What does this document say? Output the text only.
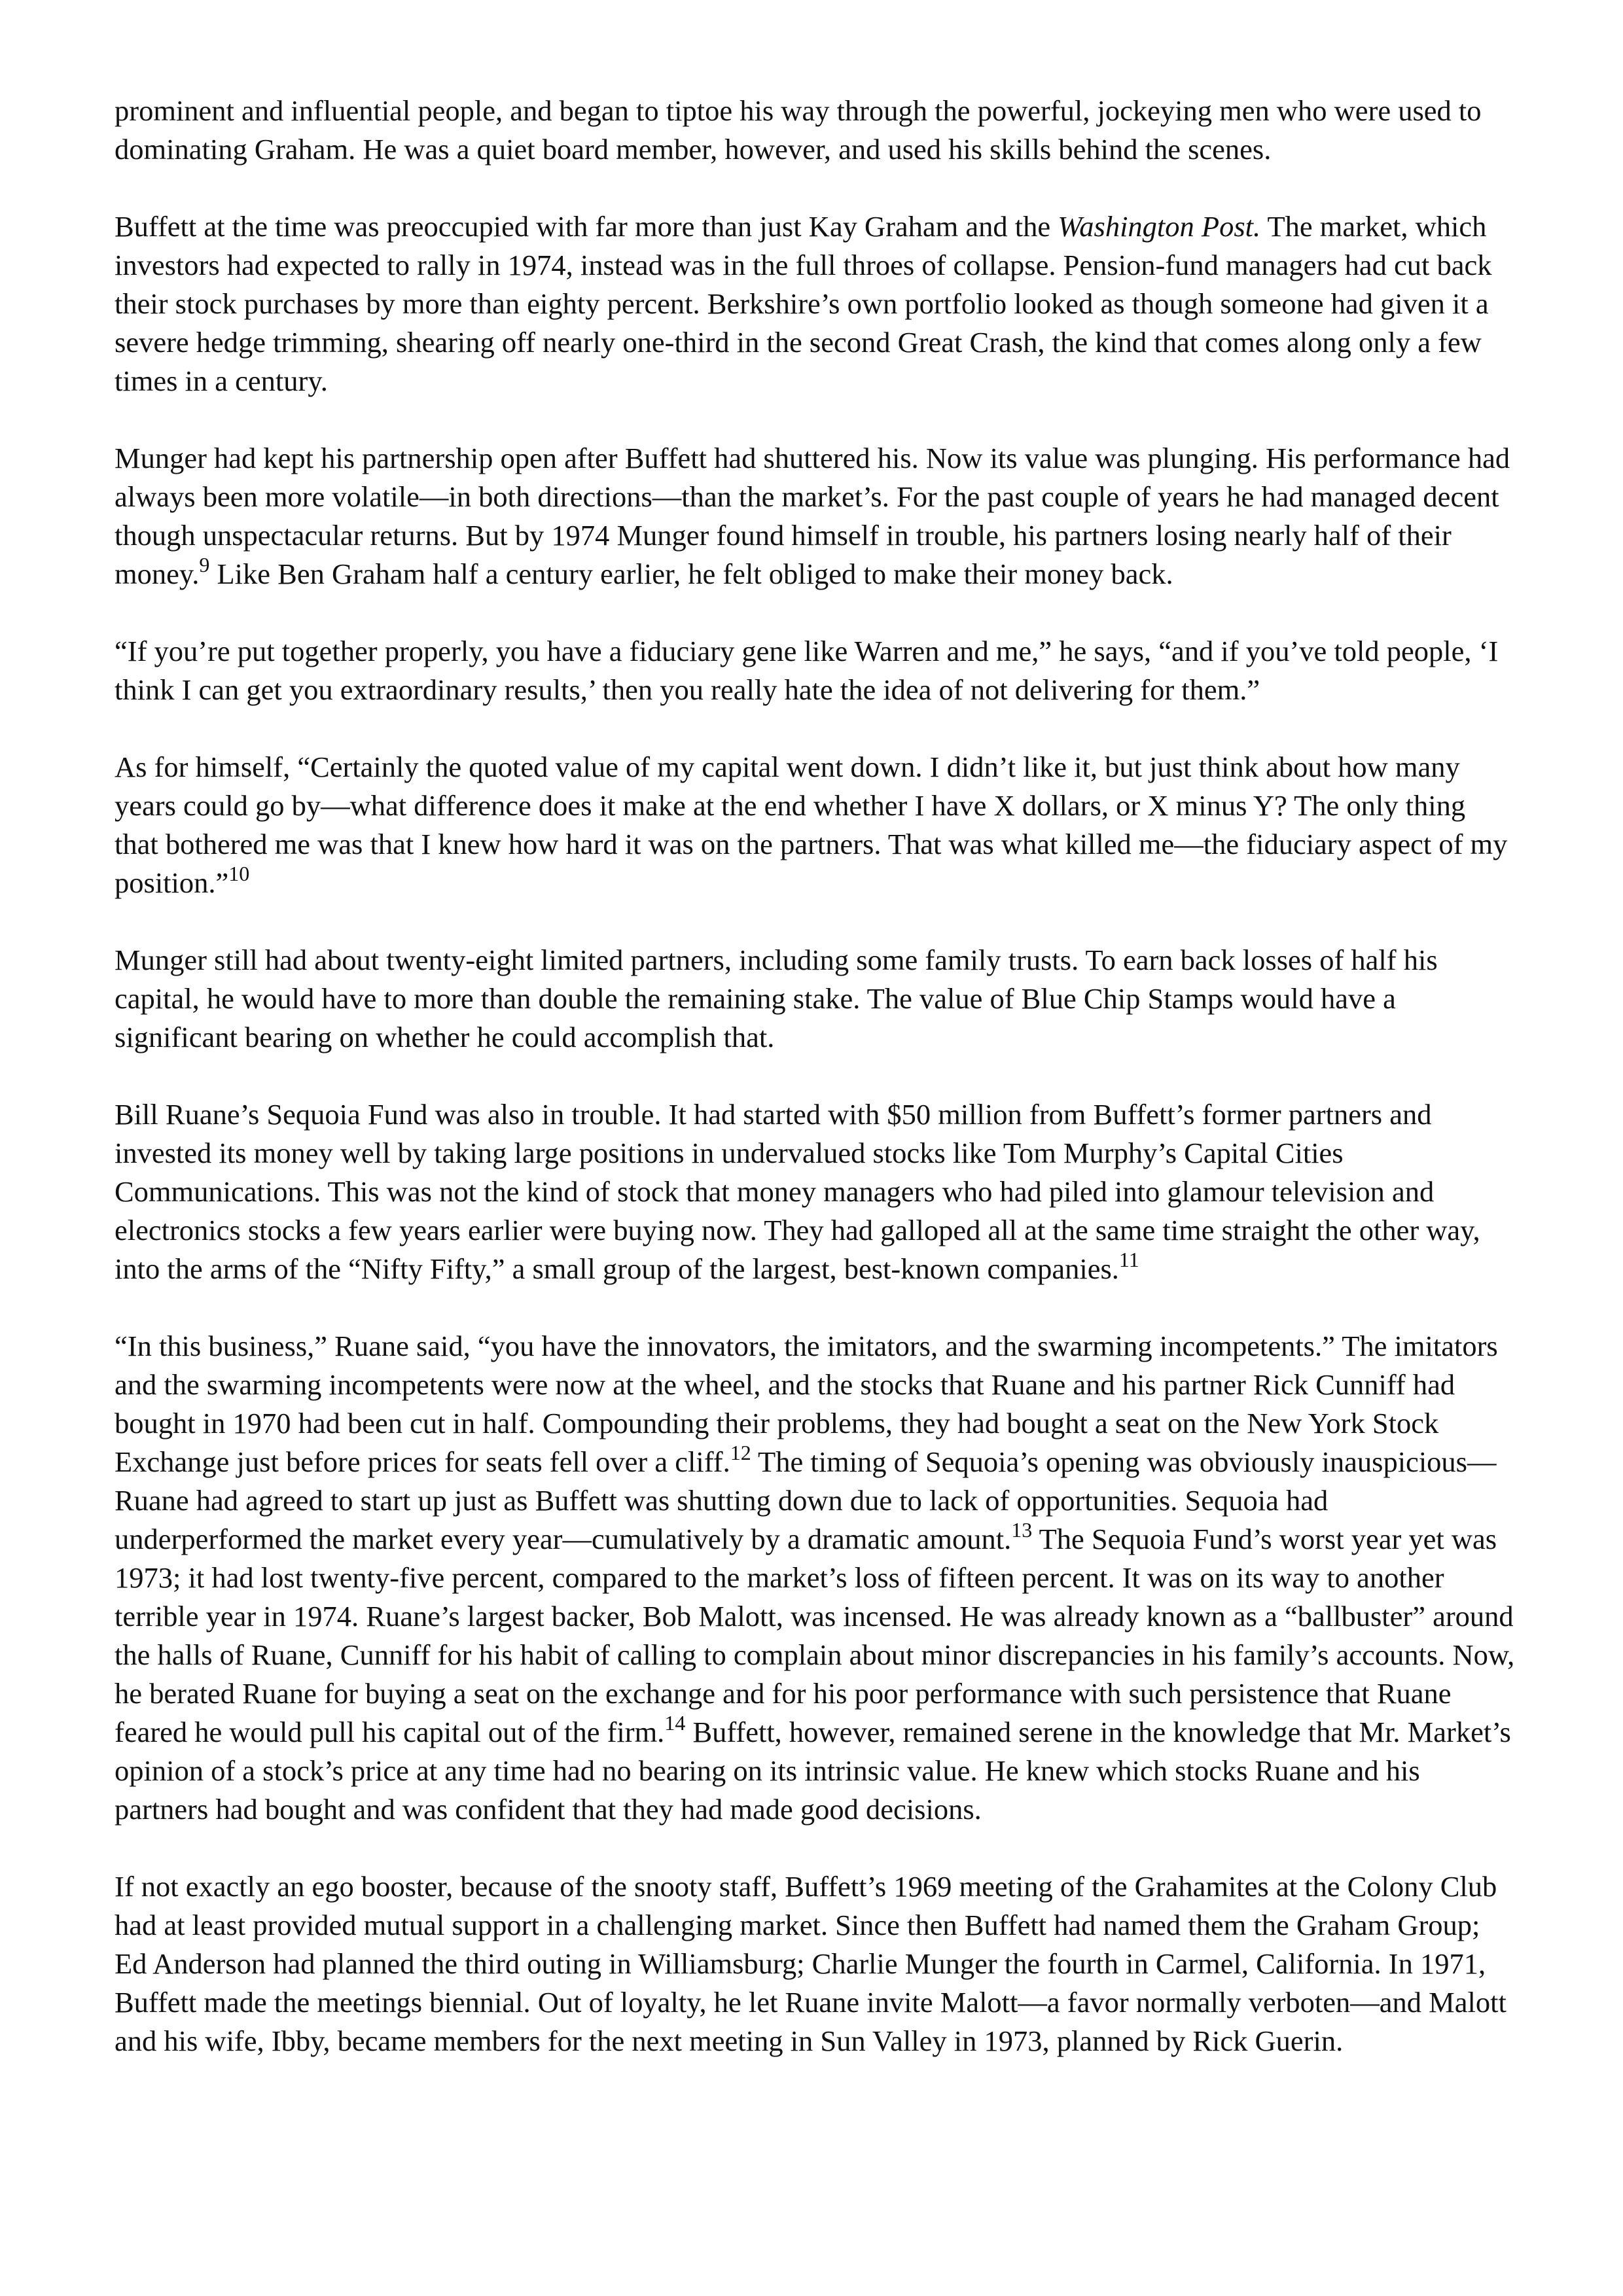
prominent and influential people, and began to tiptoe his way through the powerful, jockeying men who were used to dominating Graham. He was a quiet board member, however, and used his skills behind the scenes.

Buffett at the time was preoccupied with far more than just Kay Graham and the Washington Post. The market, which investors had expected to rally in 1974, instead was in the full throes of collapse. Pension-fund managers had cut back their stock purchases by more than eighty percent. Berkshire’s own portfolio looked as though someone had given it a severe hedge trimming, shearing off nearly one-third in the second Great Crash, the kind that comes along only a few times in a century.

Munger had kept his partnership open after Buffett had shuttered his. Now its value was plunging. His performance had always been more volatile—in both directions—than the market’s. For the past couple of years he had managed decent though unspectacular returns. But by 1974 Munger found himself in trouble, his partners losing nearly half of their money.$^9$ Like Ben Graham half a century earlier, he felt obliged to make their money back.

“If you’re put together properly, you have a fiduciary gene like Warren and me,” he says, “and if you’ve told people, ‘I think I can get you extraordinary results,’ then you really hate the idea of not delivering for them.”

As for himself, “Certainly the quoted value of my capital went down. I didn’t like it, but just think about how many years could go by—what difference does it make at the end whether I have X dollars, or X minus Y? The only thing that bothered me was that I knew how hard it was on the partners. That was what killed me—the fiduciary aspect of my position.”$^{10}$

Munger still had about twenty-eight limited partners, including some family trusts. To earn back losses of half his capital, he would have to more than double the remaining stake. The value of Blue Chip Stamps would have a significant bearing on whether he could accomplish that.

Bill Ruane’s Sequoia Fund was also in trouble. It had started with $50 million from Buffett’s former partners and invested its money well by taking large positions in undervalued stocks like Tom Murphy’s Capital Cities Communications. This was not the kind of stock that money managers who had piled into glamour television and electronics stocks a few years earlier were buying now. They had galloped all at the same time straight the other way, into the arms of the “Nifty Fifty,” a small group of the largest, best-known companies.$^{11}$

“In this business,” Ruane said, “you have the innovators, the imitators, and the swarming incompetents.” The imitators and the swarming incompetents were now at the wheel, and the stocks that Ruane and his partner Rick Cunniff had bought in 1970 had been cut in half. Compounding their problems, they had bought a seat on the New York Stock Exchange just before prices for seats fell over a cliff.$^{12}$ The timing of Sequoia’s opening was obviously inauspicious—Ruane had agreed to start up just as Buffett was shutting down due to lack of opportunities. Sequoia had underperformed the market every year—cumulatively by a dramatic amount.$^{13}$ The Sequoia Fund’s worst year yet was 1973; it had lost twenty-five percent, compared to the market’s loss of fifteen percent. It was on its way to another terrible year in 1974. Ruane’s largest backer, Bob Malott, was incensed. He was already known as a “ballbuster” around the halls of Ruane, Cunniff for his habit of calling to complain about minor discrepancies in his family’s accounts. Now, he berated Ruane for buying a seat on the exchange and for his poor performance with such persistence that Ruane feared he would pull his capital out of the firm.$^{14}$ Buffett, however, remained serene in the knowledge that Mr. Market’s opinion of a stock’s price at any time had no bearing on its intrinsic value. He knew which stocks Ruane and his partners had bought and was confident that they had made good decisions.

If not exactly an ego booster, because of the snooty staff, Buffett’s 1969 meeting of the Grahamites at the Colony Club had at least provided mutual support in a challenging market. Since then Buffett had named them the Graham Group; Ed Anderson had planned the third outing in Williamsburg; Charlie Munger the fourth in Carmel, California. In 1971, Buffett made the meetings biennial. Out of loyalty, he let Ruane invite Malott—a favor normally verboten—and Malott and his wife, Ibby, became members for the next meeting in Sun Valley in 1973, planned by Rick Guerin.
